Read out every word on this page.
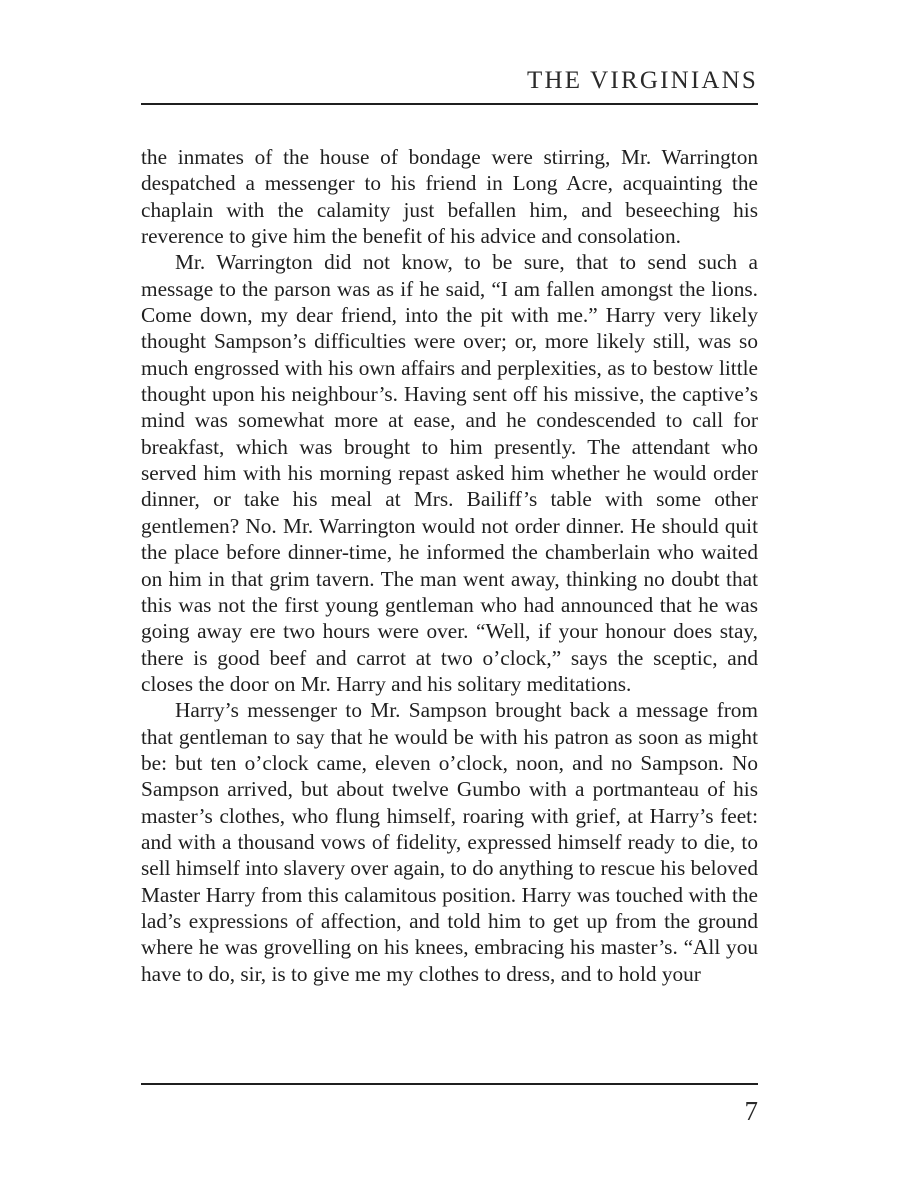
THE VIRGINIANS

the inmates of the house of bondage were stirring, Mr. Warrington despatched a messenger to his friend in Long Acre, acquainting the chaplain with the calamity just befallen him, and beseeching his reverence to give him the benefit of his advice and consolation.

Mr. Warrington did not know, to be sure, that to send such a message to the parson was as if he said, “I am fallen amongst the lions. Come down, my dear friend, into the pit with me.” Harry very likely thought Sampson’s difficulties were over; or, more likely still, was so much engrossed with his own affairs and perplexities, as to bestow little thought upon his neighbour’s. Having sent off his missive, the captive’s mind was somewhat more at ease, and he condescended to call for breakfast, which was brought to him presently. The attendant who served him with his morning repast asked him whether he would order dinner, or take his meal at Mrs. Bailiff’s table with some other gentlemen? No. Mr. Warrington would not order dinner. He should quit the place before dinner-time, he informed the chamberlain who waited on him in that grim tavern. The man went away, thinking no doubt that this was not the first young gentleman who had announced that he was going away ere two hours were over. “Well, if your honour does stay, there is good beef and carrot at two o’clock,” says the sceptic, and closes the door on Mr. Harry and his solitary meditations.

Harry’s messenger to Mr. Sampson brought back a message from that gentleman to say that he would be with his patron as soon as might be: but ten o’clock came, eleven o’clock, noon, and no Sampson. No Sampson arrived, but about twelve Gumbo with a portmanteau of his master’s clothes, who flung himself, roaring with grief, at Harry’s feet: and with a thousand vows of fidelity, expressed himself ready to die, to sell himself into slavery over again, to do anything to rescue his beloved Master Harry from this calamitous position. Harry was touched with the lad’s expressions of affection, and told him to get up from the ground where he was grovelling on his knees, embracing his master’s. “All you have to do, sir, is to give me my clothes to dress, and to hold your

7
